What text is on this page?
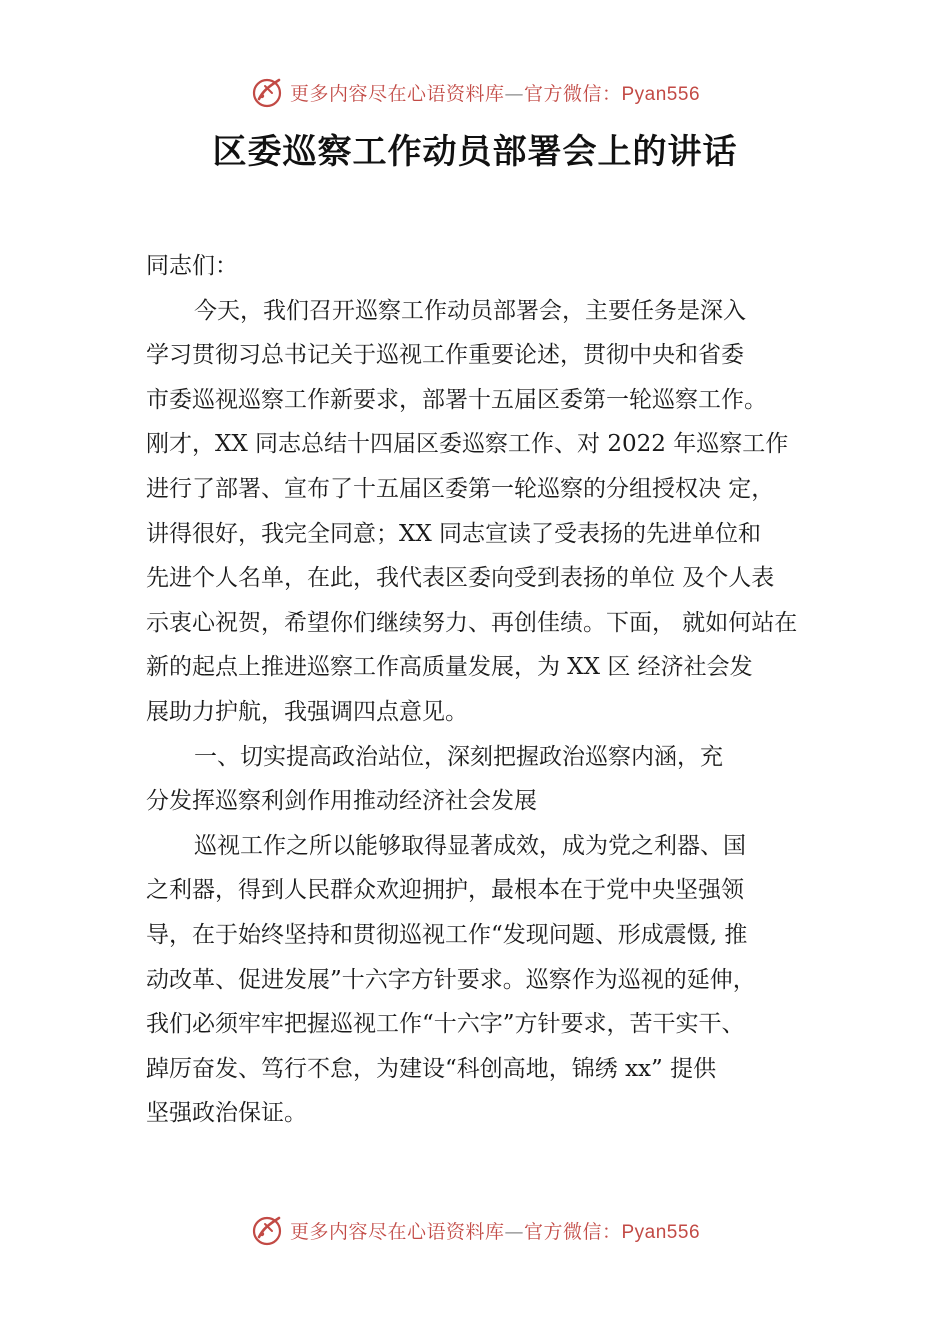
更多内容尽在心语资料库—官方微信：Pyan556
区委巡察工作动员部署会上的讲话
同志们：
今天，我们召开巡察工作动员部署会，主要任务是深入
学习贯彻习总书记关于巡视工作重要论述，贯彻中央和省委
市委巡视巡察工作新要求，部署十五届区委第一轮巡察工作。
刚才，XX 同志总结十四届区委巡察工作、对 2022 年巡察工作
进行了部署、宣布了十五届区委第一轮巡察的分组授权决 定，
讲得很好，我完全同意；XX 同志宣读了受表扬的先进单位和
先进个人名单，在此，我代表区委向受到表扬的单位 及个人表
示衷心祝贺，希望你们继续努力、再创佳绩。下面， 就如何站在
新的起点上推进巡察工作高质量发展，为 XX 区 经济社会发
展助力护航，我强调四点意见。
一、切实提高政治站位，深刻把握政治巡察内涵，充
分发挥巡察利剑作用推动经济社会发展
巡视工作之所以能够取得显著成效，成为党之利器、国
之利器，得到人民群众欢迎拥护，最根本在于党中央坚强领
导，在于始终坚持和贯彻巡视工作“发现问题、形成震慑, 推
动改革、促进发展”十六字方针要求。巡察作为巡视的延伸，
我们必须牢牢把握巡视工作“十六字”方针要求，苦干实干、
踔厉奋发、笃行不怠，为建设“科创高地，锦绣 xx” 提供
坚强政治保证。
更多内容尽在心语资料库—官方微信：Pyan556
